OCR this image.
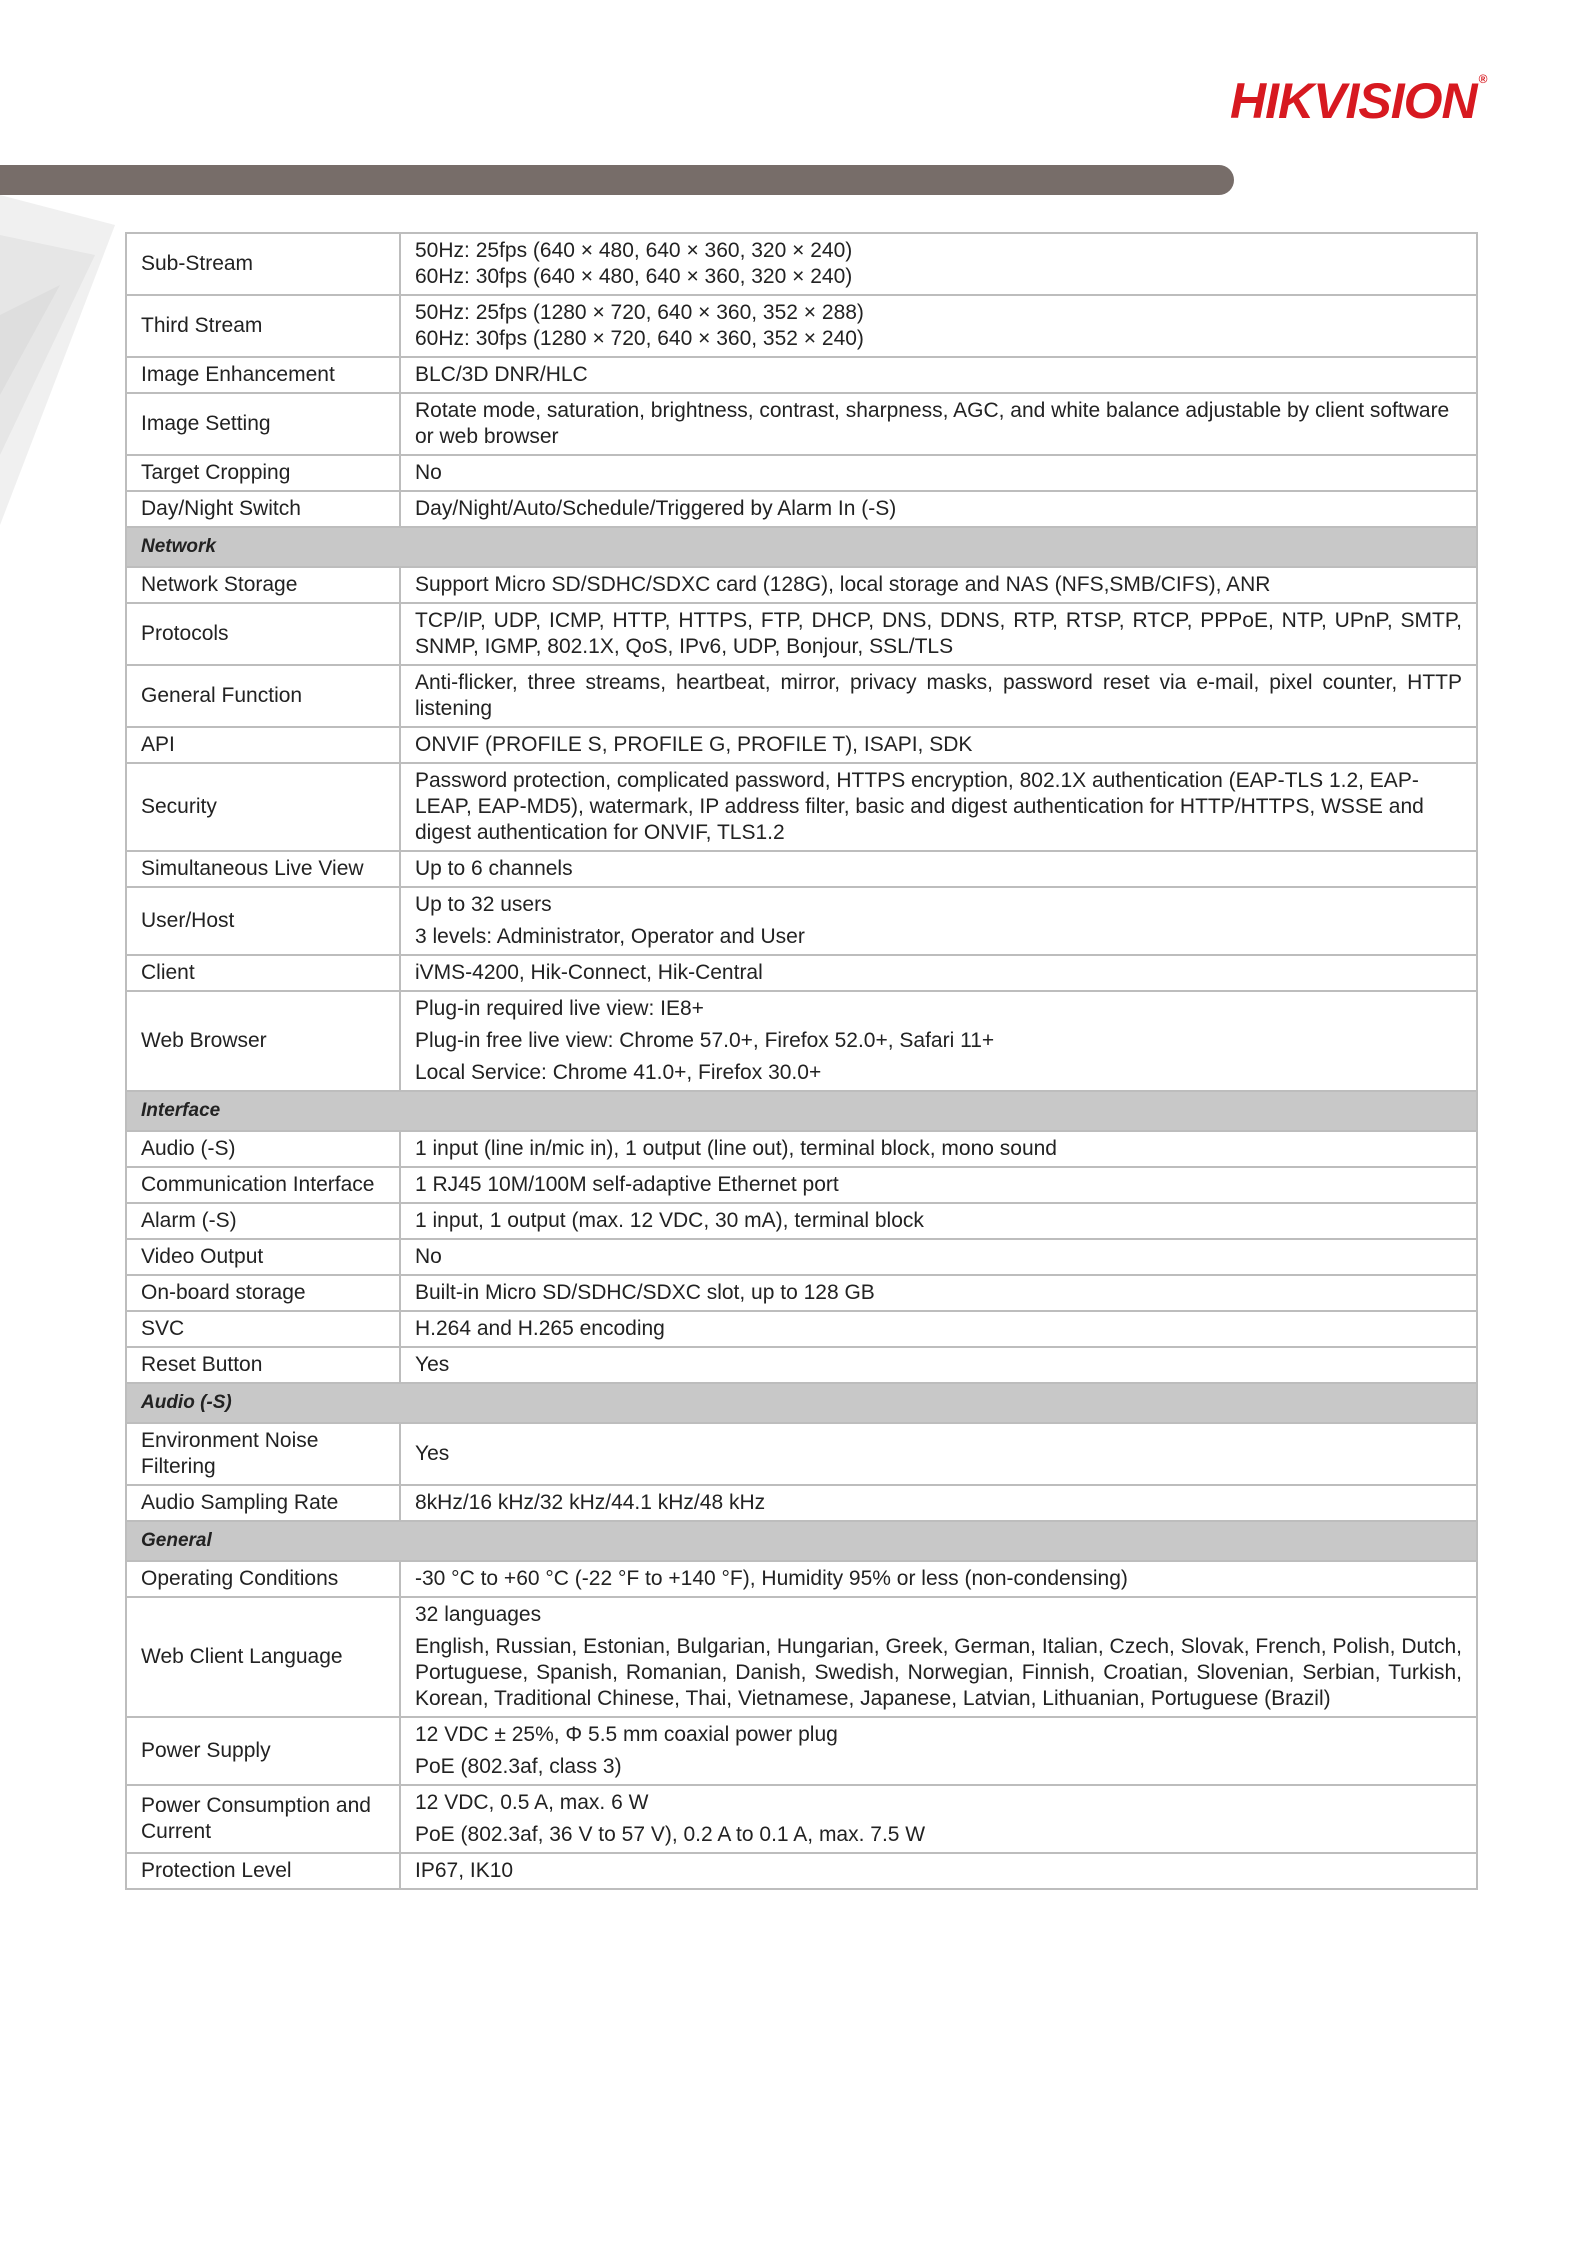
HIKVISION ®
Sub-Stream	50Hz: 25fps (640 × 480, 640 × 360, 320 × 240)
60Hz: 30fps (640 × 480, 640 × 360, 320 × 240)

Third Stream	50Hz: 25fps (1280 × 720, 640 × 360, 352 × 288)
60Hz: 30fps (1280 × 720, 640 × 360, 352 × 240)

Image Enhancement	BLC/3D DNR/HLC
Image Setting	Rotate mode, saturation, brightness, contrast, sharpness, AGC, and white balance adjustable by client software or web browser
Target Cropping	No
Day/Night Switch	Day/Night/Auto/Schedule/Triggered by Alarm In (-S)
Network	
Network Storage	Support Micro SD/SDHC/SDXC card (128G), local storage and NAS (NFS,SMB/CIFS), ANR
Protocols	TCP/IP, UDP, ICMP, HTTP, HTTPS, FTP, DHCP, DNS, DDNS, RTP, RTSP, RTCP, PPPoE, NTP, UPnP, SMTP, SNMP, IGMP, 802.1X, QoS, IPv6, UDP, Bonjour, SSL/TLS
General Function	Anti-flicker, three streams, heartbeat, mirror, privacy masks, password reset via e-mail, pixel counter, HTTP listening
API	ONVIF (PROFILE S, PROFILE G, PROFILE T), ISAPI, SDK
Security	Password protection, complicated password, HTTPS encryption, 802.1X authentication (EAP-TLS 1.2, EAP-LEAP, EAP-MD5), watermark, IP address filter, basic and digest authentication for HTTP/HTTPS, WSSE and digest authentication for ONVIF, TLS1.2
Simultaneous Live View	Up to 6 channels
User/Host	Up to 32 users
3 levels: Administrator, Operator and User

Client	iVMS-4200, Hik-Connect, Hik-Central
Web Browser	Plug-in required live view: IE8+
Plug-in free live view: Chrome 57.0+, Firefox 52.0+, Safari 11+
Local Service: Chrome 41.0+, Firefox 30.0+

Interface	
Audio (-S)	1 input (line in/mic in), 1 output (line out), terminal block, mono sound
Communication Interface	1 RJ45 10M/100M self-adaptive Ethernet port
Alarm (-S)	1 input, 1 output (max. 12 VDC, 30 mA), terminal block
Video Output	No
On-board storage	Built-in Micro SD/SDHC/SDXC slot, up to 128 GB
SVC	H.264 and H.265 encoding
Reset Button	Yes
Audio (-S)	
Environment Noise Filtering	Yes
Audio Sampling Rate	8kHz/16 kHz/32 kHz/44.1 kHz/48 kHz
General	
Operating Conditions	-30 °C to +60 °C (-22 °F to +140 °F), Humidity 95% or less (non-condensing)
Web Client Language	32 languages
English, Russian, Estonian, Bulgarian, Hungarian, Greek, German, Italian, Czech, Slovak, French, Polish, Dutch, Portuguese, Spanish, Romanian, Danish, Swedish, Norwegian, Finnish, Croatian, Slovenian, Serbian, Turkish, Korean, Traditional Chinese, Thai, Vietnamese, Japanese, Latvian, Lithuanian, Portuguese (Brazil)

Power Supply	12 VDC ± 25%, Φ 5.5 mm coaxial power plug
PoE (802.3af, class 3)

Power Consumption and Current	12 VDC, 0.5 A, max. 6 W
PoE (802.3af, 36 V to 57 V), 0.2 A to 0.1 A, max. 7.5 W

Protection Level	IP67, IK10
